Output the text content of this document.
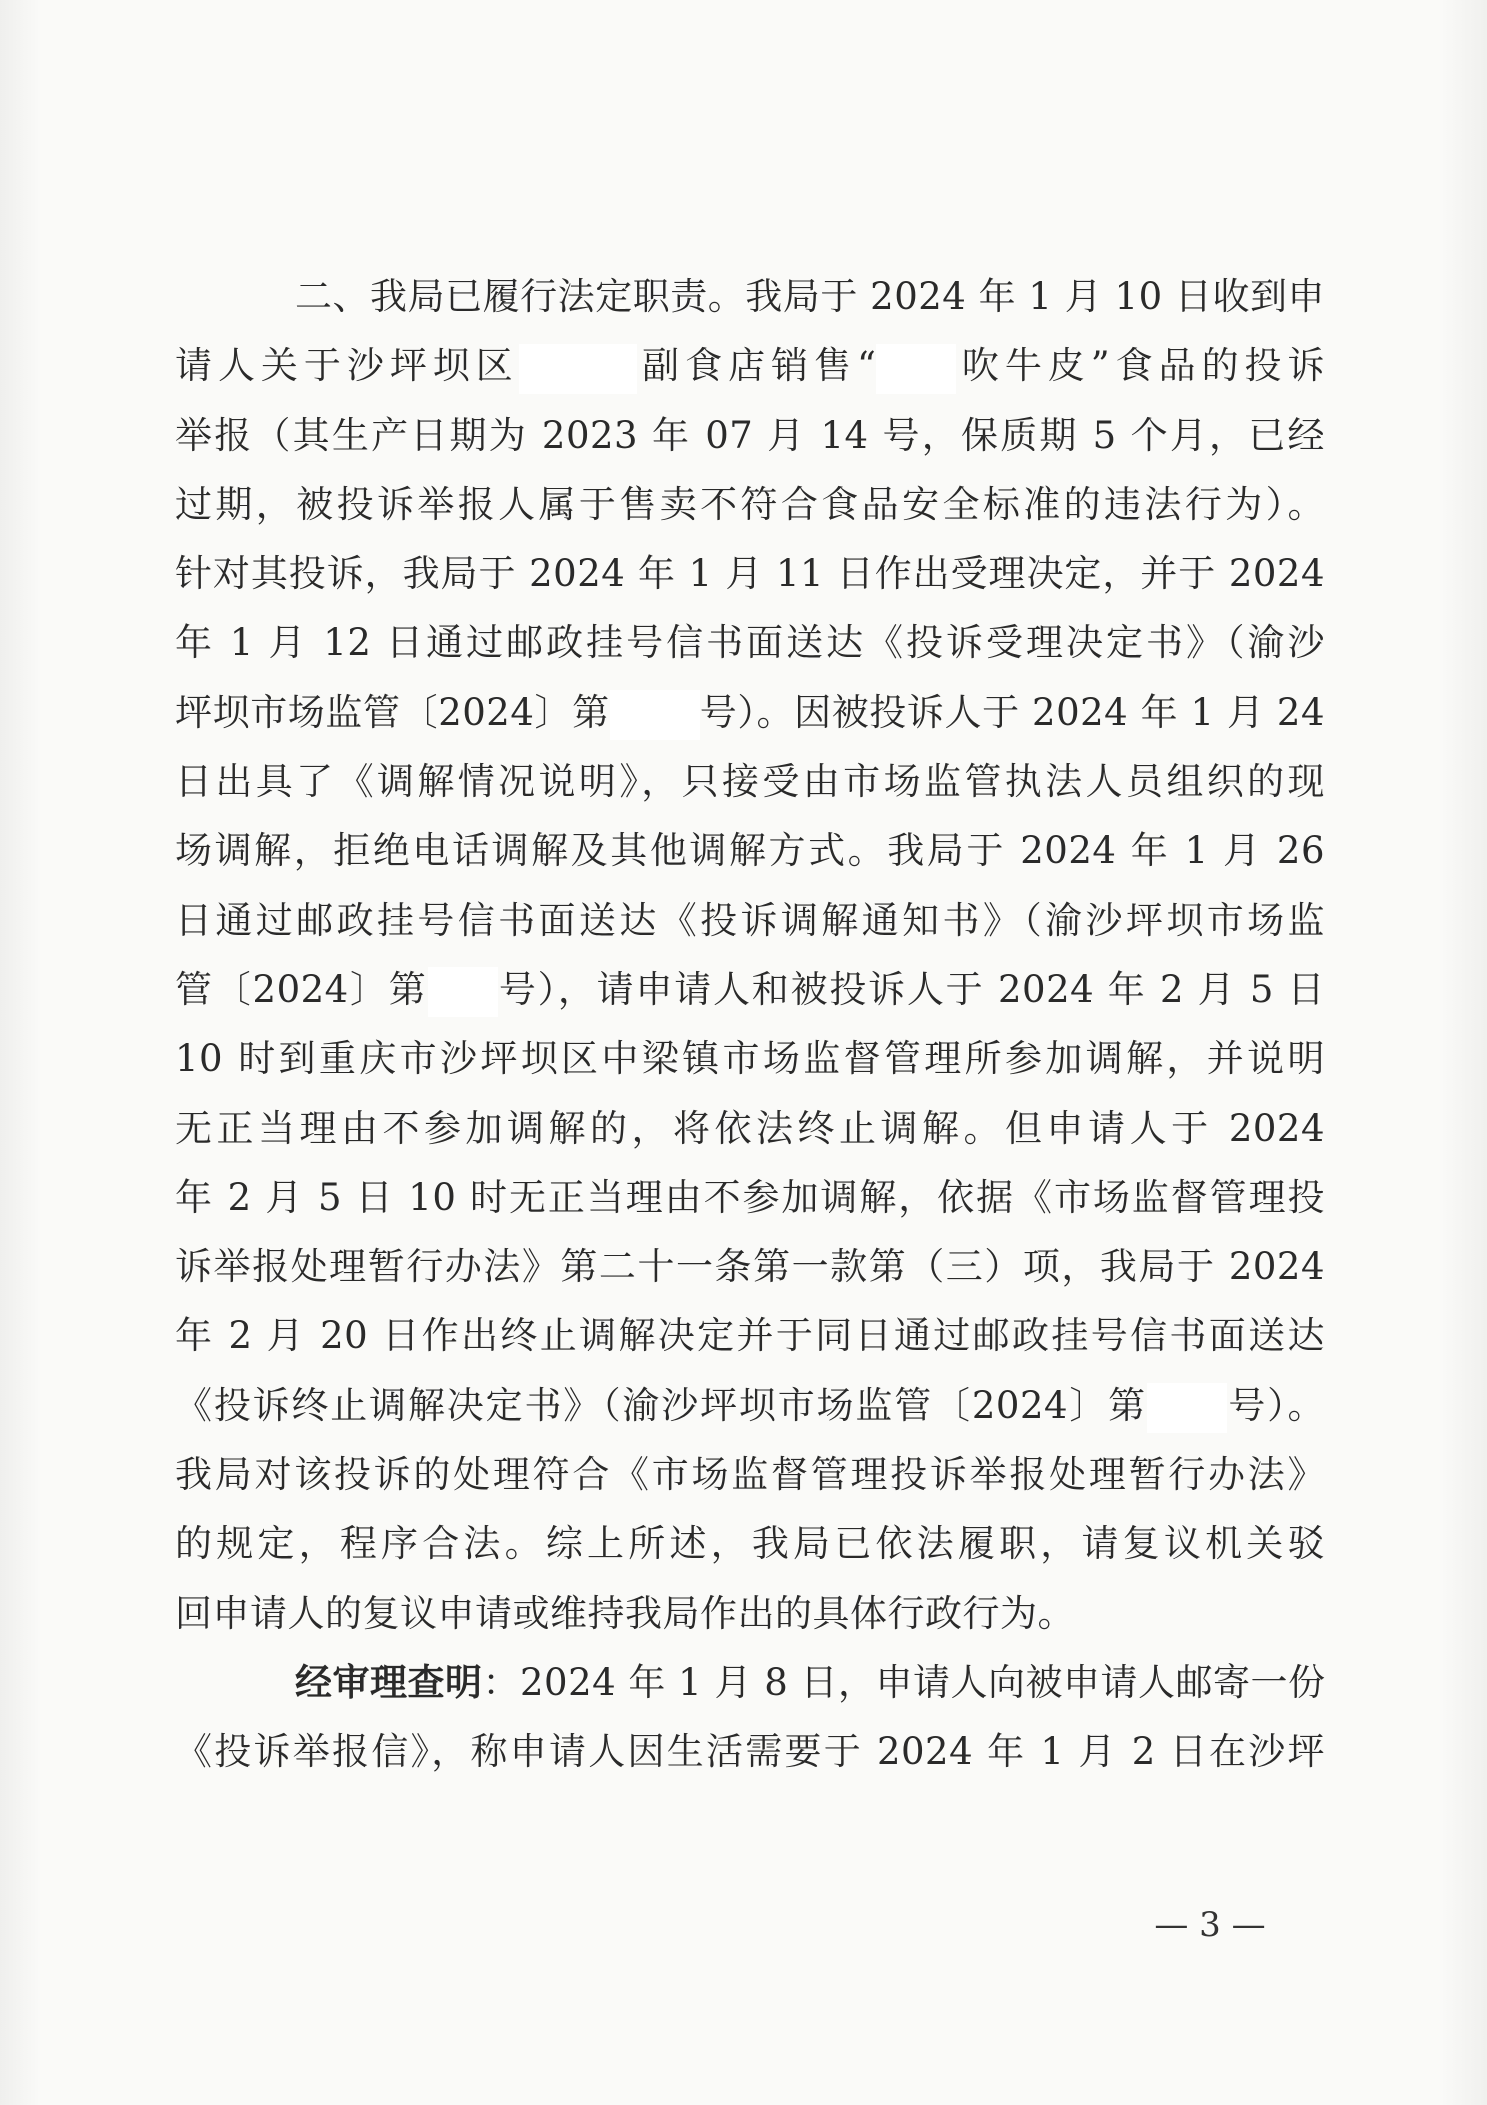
二、我局已履行法定职责。我局于 2024 年 1 月 10 日收到申
请人关于沙坪坝区	副食店销售“ 吹牛皮”食品的投诉
举报（其生产日期为 2023 年 07 月 14 号，保质期 5 个月，已经
过期，被投诉举报人属于售卖不符合食品安全标准的违法行为）。
针对其投诉，我局于 2024 年 1 月 11 日作出受理决定，并于 2024
年 1 月 12 日通过邮政挂号信书面送达《投诉受理决定书》（渝沙
坪坝市场监管〔2024〕第 号）。因被投诉人于 2024 年 1 月 24
日出具了《调解情况说明》，只接受由市场监管执法人员组织的现
场调解，拒绝电话调解及其他调解方式。我局于 2024 年 1 月 26
日通过邮政挂号信书面送达《投诉调解通知书》（渝沙坪坝市场监
管〔2024〕第 号），请申请人和被投诉人于 2024 年 2 月 5 日
10 时到重庆市沙坪坝区中梁镇市场监督管理所参加调解，并说明
无正当理由不参加调解的，将依法终止调解。但申请人于 2024
年 2 月 5 日 10 时无正当理由不参加调解，依据《市场监督管理投
诉举报处理暂行办法》第二十一条第一款第（三）项，我局于 2024
年 2 月 20 日作出终止调解决定并于同日通过邮政挂号信书面送达
《投诉终止调解决定书》（渝沙坪坝市场监管〔2024〕第 号）。
我局对该投诉的处理符合《市场监督管理投诉举报处理暂行办法》
的规定，程序合法。综上所述，我局已依法履职，请复议机关驳
回申请人的复议申请或维持我局作出的具体行政行为。
经审理查明：2024 年 1 月 8 日，申请人向被申请人邮寄一份
《投诉举报信》，称申请人因生活需要于 2024 年 1 月 2 日在沙坪
— 3 —
